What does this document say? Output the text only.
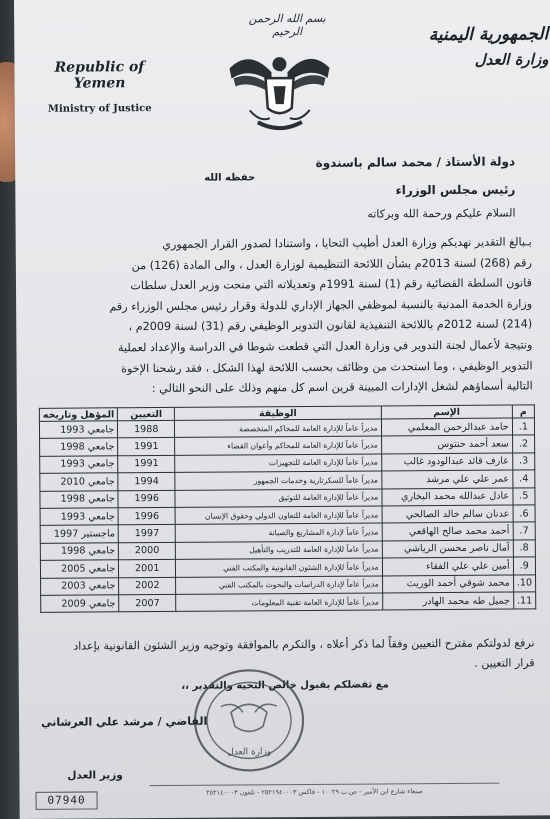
بسم الله الرحمن الرحيم
Republic of Yemen
Ministry of Justice
الجمهورية اليمنية
وزارة العدل
دولة الأستاذ / محمد سالم باسندوة
حفظه الله
رئيس مجلس الوزراء
السلام عليكم ورحمة الله وبركاته
بـبالغ التقدير نهديكم وزارة العدل أطيب التحايا ، واستنادا لصدور القرار الجمهوري
رقم (268) لسنة 2013م بشأن اللائحة التنظيمية لوزارة العدل ، والى المادة (126) من
قانون السلطة القضائية رقم (1) لسنة 1991م وتعديلاته التي منحت وزير العدل سلطات
وزارة الخدمة المدنية بالنسبة لموظفي الجهاز الإداري للدولة وقرار رئيس مجلس الوزراء رقم
(214) لسنة 2012م باللائحة التنفيذية لقانون التدوير الوظيفي رقم (31) لسنة 2009م ،
ونتيجة لأعمال لجنة التدوير في وزارة العدل التي قطعت شوطا في الدراسة والإعداد لعملية
التدوير الوظيفي ، وما استحدث من وظائف بحسب اللائحة لهذا الشكل ، فقد رشحنا الإخوة
التالية أسماؤهم لشغل الإدارات المبينة قرين اسم كل منهم وذلك على النحو التالي :
م	الإسم	الوظيفة	التعيين	المؤهل وتاريخه
1.	حامد عبدالرحمن المعلمي	مديراً عاماً للإدارة العامة للمحاكم المتخصصة	1988	جامعي 1993
2.	سعد أحمد حنتوس	مديراً عاماً للإدارة العامة للمحاكم وأعوان القضاء	1991	جامعي 1998
3.	عارف قائد عبدالودود غالب	مديراً عاماً للإدارة العامة للتجهيزات	1991	جامعي 1993
4.	عمر علي علي مرشد	مديراً عاماً للسكرتارية وخدمات الجمهور	1994	جامعي 2010
5.	عادل عبدالله محمد البخاري	مديراً عاماً للإدارة العامة للتوثيق	1996	جامعي 1998
6.	عدنان سالم خالد الصالحي	مديراً عاماً للإدارة العامة للتعاون الدولي وحقوق الإنسان	1996	جامعي 1993
7.	أحمد محمد صالح الهاقعي	مديراً عاماً لإدارة المشاريع والصيانة	1997	ماجستير 1997
8.	آمال ناصر محسن الرياشي	مديراً عاماً للإدارة العامة للتدريب والتأهيل	2000	جامعي 1998
9.	أمين علي علي الفقاء	مديراً عاماً للإدارة الشئون القانونية والمكتب الفني	2001	جامعي 2005
10.	محمد شوقي أحمد الوريث	مديراً عاماً لإدارة الدراسات والبحوث بالمكتب الفني	2002	جامعي 2003
11.	جميل طه محمد الهادر	مديراً عاماً للإدارة العامة تقنية المعلومات	2007	جامعي 2009
نرفع لدولتكم مقترح التعيين وفقاً لما ذكر أعلاه ، والتكرم بالموافقة وتوجيه وزير الشئون القانونية بإعداد قرار التعيين .
مع تفضلكم بقبول خالص التحية والتقدير ،،
وزارة العدل
القاضي / مرشد علي العرشاني
وزير العدل
07940
صنعاء شارع ابن الأمير - ص.ب ١٠٠٢٩ - فاكس ٢٥٢١٩٤٠٠٠٣ - تلفون ٢٥٢١٤٠٠٠٣
